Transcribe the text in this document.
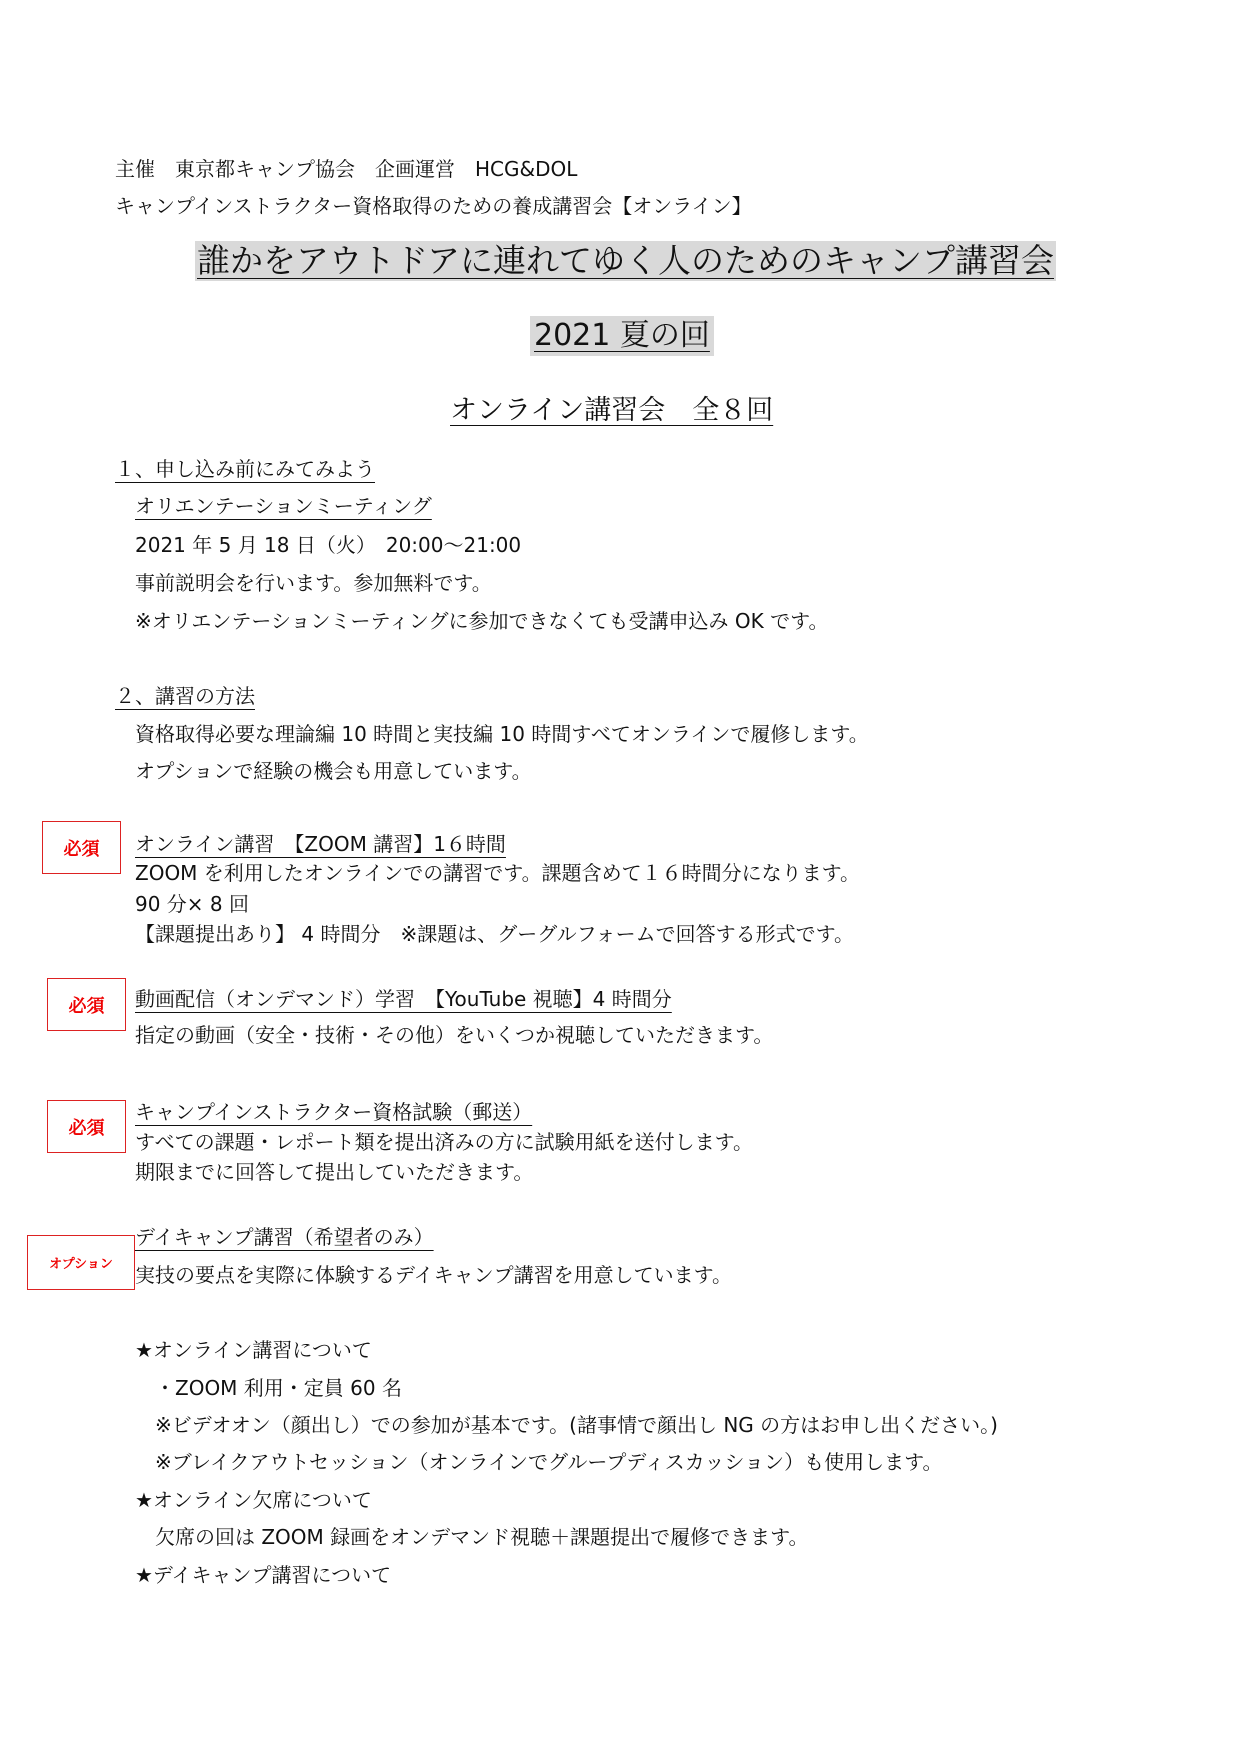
主催　東京都キャンプ協会　企画運営　HCG&DOL
キャンプインストラクター資格取得のための養成講習会【オンライン】
誰かをアウトドアに連れてゆく人のためのキャンプ講習会
2021 夏の回
オンライン講習会　全８回
１、申し込み前にみてみよう
オリエンテーションミーティング
2021 年 5 月 18 日（火）　20:00〜21:00
事前説明会を行います。参加無料です。
※オリエンテーションミーティングに参加できなくても受講申込み OK です。
２、講習の方法
資格取得必要な理論編 10 時間と実技編 10 時間すべてオンラインで履修します。
オプションで経験の機会も用意しています。
必須	オンライン講習　【ZOOM 講習】1６時間
ZOOM を利用したオンラインでの講習です。課題含めて１６時間分になります。
90 分× 8 回
【課題提出あり】 4 時間分　※課題は、グーグルフォームで回答する形式です。
必須	動画配信（オンデマンド）学習　【YouTube 視聴】4 時間分
指定の動画（安全・技術・その他）をいくつか視聴していただきます。
必須
キャンプインストラクター資格試験（郵送）
すべての課題・レポート類を提出済みの方に試験用紙を送付します。
期限までに回答して提出していただきます。
オプション
デイキャンプ講習（希望者のみ）
実技の要点を実際に体験するデイキャンプ講習を用意しています。
★オンライン講習について
・ZOOM 利用・定員 60 名
※ビデオオン（顔出し）での参加が基本です。(諸事情で顔出し NG の方はお申し出ください。)
※ブレイクアウトセッション（オンラインでグループディスカッション）も使用します。
★オンライン欠席について
欠席の回は ZOOM 録画をオンデマンド視聴＋課題提出で履修できます。
★デイキャンプ講習について
